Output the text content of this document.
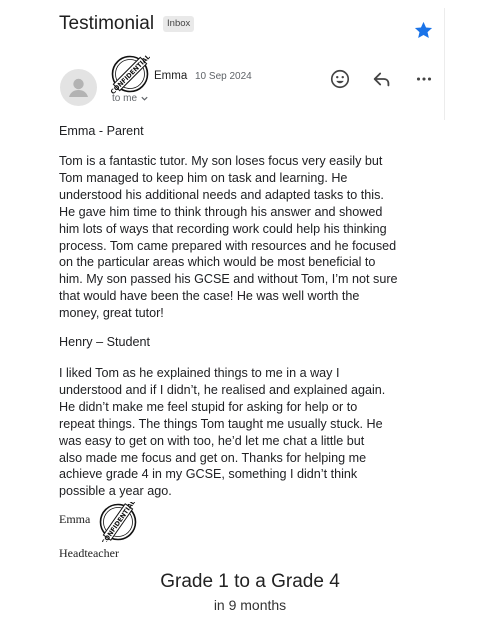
Testimonial	Inbox
CONFIDENTIAL Emma 10 Sep 2024
to me
Emma - Parent
Tom is a fantastic tutor. My son loses focus very easily but
Tom managed to keep him on task and learning. He
understood his additional needs and adapted tasks to this.
He gave him time to think through his answer and showed
him lots of ways that recording work could help his thinking
process. Tom came prepared with resources and he focused
on the particular areas which would be most beneficial to
him. My son passed his GCSE and without Tom, I’m not sure
that would have been the case! He was well worth the
money, great tutor!
Henry – Student
I liked Tom as he explained things to me in a way I
understood and if I didn’t, he realised and explained again.
He didn’t make me feel stupid for asking for help or to
repeat things. The things Tom taught me usually stuck. He
was easy to get on with too, he’d let me chat a little but
also made me focus and get on. Thanks for helping me
achieve grade 4 in my GCSE, something I didn’t think
possible a year ago.
Emma CONFIDENTIAL
Headteacher
Grade 1 to a Grade 4
in 9 months
